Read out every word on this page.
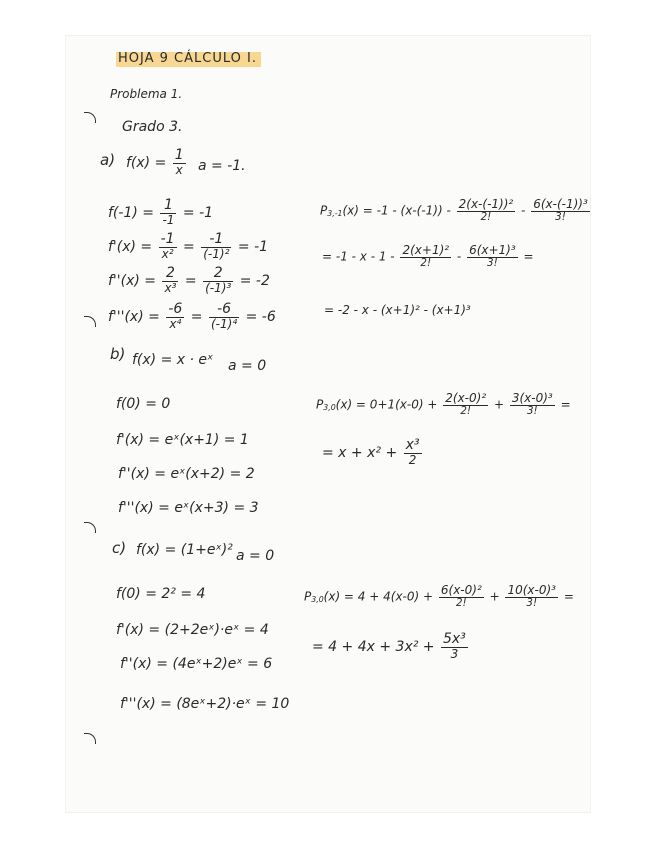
HOJA 9 CÁLCULO I.
Problema 1.
Grado 3.
a) $f(x) = \frac{1}{x}$ a = -1.
$f(-1) = \frac{1}{-1} = -1$
$f'(x) = \frac{-1}{\text{x²}} = \frac{-1}{\text{(-1)²}} = -1$
$f''(x) = \frac{2}{\text{x³}} = \frac{2}{\text{(-1)³}} = -2$
$f'''(x) = \frac{-6}{\text{x⁴}} = \frac{-6}{\text{(-1)⁴}} = -6$
$P_{3,-1}(x) = -1 - (x-(-1)) - \frac{\text{2(x-(-1))²}}{2!} - \frac{\text{6(x-(-1))³}}{3!}$
= -1 - x - $1 - \frac{\text{2(x+1)²}}{2!} - \frac{\text{6(x+1)³}}{3!}$ =
= -2 - x - (x+1)² - (x+1)³
b) f(x) = x · eˣ a = 0
f(0) = 0
f'(x) = eˣ(x+1) = 1
f''(x) = eˣ(x+2) = 2
f'''(x) = eˣ(x+3) = 3
$P_{3,0}(x) = 0+1(x-0) + \frac{\text{2(x-0)²}}{2!} + \frac{\text{3(x-0)³}}{3!}$ =
= $x + x^2 + \frac{\text{x³}}{2}$
c) f(x) = (1+eˣ)² a = 0
f(0) = 2² = 4
f'(x) = (2+2eˣ)·eˣ = 4
f''(x) = (4eˣ+2)eˣ = 6
f'''(x) = (8eˣ+2)·eˣ = 10
$P_{3,0}(x) = 4 + 4(x-0) + \frac{\text{6(x-0)²}}{2!} + \frac{\text{10(x-0)³}}{3!}$ =
= $4 + 4x + 3x^2 + \frac{\text{5x³}}{3}$
